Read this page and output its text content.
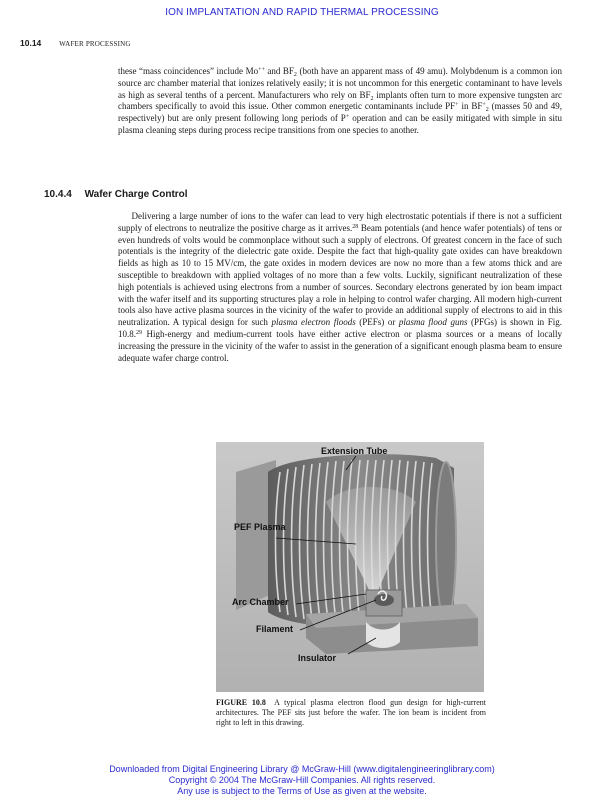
ION IMPLANTATION AND RAPID THERMAL PROCESSING
10.14	WAFER PROCESSING
these “mass coincidences” include Mo++ and $BF_2$ (both have an apparent mass of 49 amu). Molybdenum is a common ion source arc chamber material that ionizes relatively easily; it is not uncommon for this energetic contaminant to have levels as high as several tenths of a percent. Manufacturers who rely on $BF_2$ implants often turn to more expensive tungsten arc chambers specifically to avoid this issue. Other common energetic contaminants include PF+ in $BF^+_2$ (masses 50 and 49, respectively) but are only present following long periods of P+ operation and can be easily mitigated with simple in situ plasma cleaning steps during process recipe transitions from one species to another.
10.4.4 Wafer Charge Control
  Delivering a large number of ions to the wafer can lead to very high electrostatic potentials if there is not a sufficient supply of electrons to neutralize the positive charge as it arrives.$^{28}$ Beam potentials (and hence wafer potentials) of tens or even hundreds of volts would be commonplace without such a supply of electrons. Of greatest concern in the face of such potentials is the integrity of the dielectric gate oxide. Despite the fact that high-quality gate oxides can have breakdown fields as high as 10 to 15 MV/cm, the gate oxides in modern devices are now no more than a few atoms thick and are susceptible to breakdown with applied voltages of no more than a few volts. Luckily, significant neutralization of these high potentials is achieved using electrons from a number of sources. Secondary electrons generated by ion beam impact with the wafer itself and its supporting structures play a role in helping to control wafer charging. All modern high-current tools also have active plasma sources in the vicinity of the wafer to provide an additional supply of electrons to aid in this neutralization. A typical design for such plasma electron floods (PEFs) or plasma flood guns (PFGs) is shown in Fig. 10.8.29 High-energy and medium-current tools have either active electron or plasma sources or a means of locally increasing the pressure in the vicinity of the wafer to assist in the generation of a significant enough plasma beam to ensure adequate wafer charge control.
Extension Tube
PEF Plasma
Arc Chamber
Filament
Insulator
FIGURE 10.8 A typical plasma electron flood gun design for high-current architectures. The PEF sits just before the wafer. The ion beam is incident from right to left in this drawing.
Downloaded from Digital Engineering Library @ McGraw-Hill (www.digitalengineeringlibrary.com)
Copyright © 2004 The McGraw-Hill Companies. All rights reserved.
Any use is subject to the Terms of Use as given at the website.
